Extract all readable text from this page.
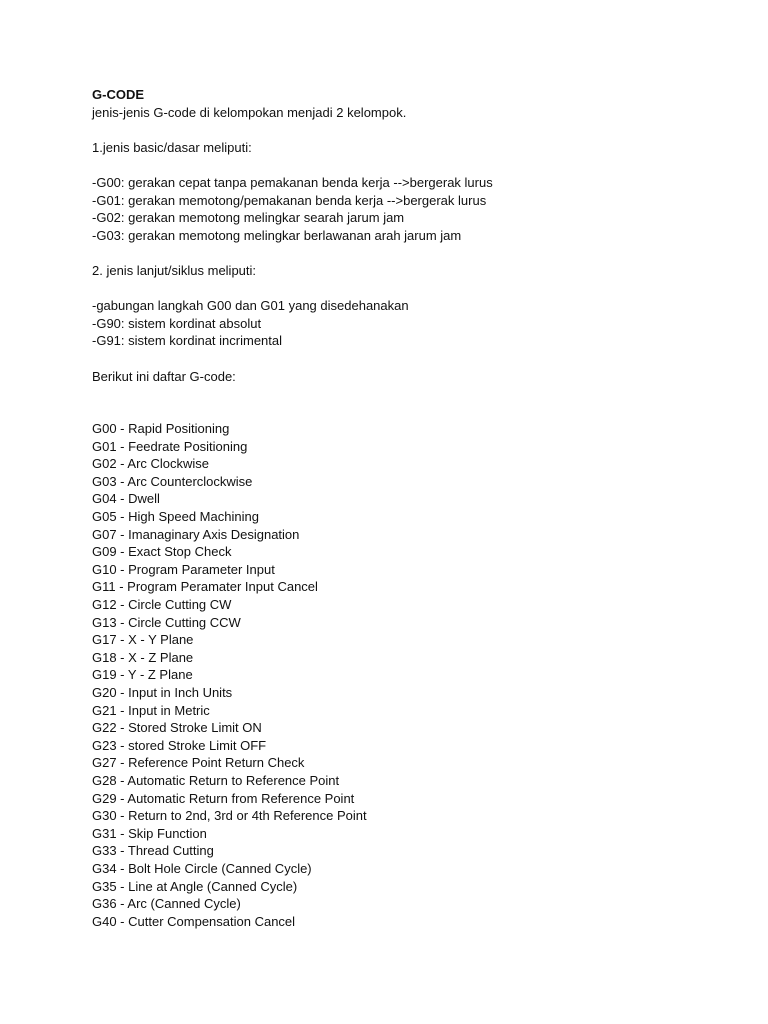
G-CODE
jenis-jenis G-code di kelompokan menjadi 2 kelompok.
1.jenis basic/dasar meliputi:
-G00: gerakan cepat tanpa pemakanan benda kerja -->bergerak lurus
-G01: gerakan memotong/pemakanan benda kerja -->bergerak lurus
-G02: gerakan memotong melingkar searah jarum jam
-G03: gerakan memotong melingkar berlawanan arah jarum jam
2. jenis lanjut/siklus meliputi:
-gabungan langkah G00 dan G01 yang disedehanakan
-G90: sistem kordinat absolut
-G91: sistem kordinat incrimental
Berikut ini daftar G-code:
G00 - Rapid Positioning
G01 - Feedrate Positioning
G02 - Arc Clockwise
G03 - Arc Counterclockwise
G04 - Dwell
G05 - High Speed Machining
G07 - Imanaginary Axis Designation
G09 - Exact Stop Check
G10 - Program Parameter Input
G11 - Program Peramater Input Cancel
G12 - Circle Cutting CW
G13 - Circle Cutting CCW
G17 - X - Y Plane
G18 - X - Z Plane
G19 - Y - Z Plane
G20 - Input in Inch Units
G21 - Input in Metric
G22 - Stored Stroke Limit ON
G23 - stored Stroke Limit OFF
G27 - Reference Point Return Check
G28 - Automatic Return to Reference Point
G29 - Automatic Return from Reference Point
G30 - Return to 2nd, 3rd or 4th Reference Point
G31 - Skip Function
G33 - Thread Cutting
G34 - Bolt Hole Circle (Canned Cycle)
G35 - Line at Angle (Canned Cycle)
G36 - Arc (Canned Cycle)
G40 - Cutter Compensation Cancel
